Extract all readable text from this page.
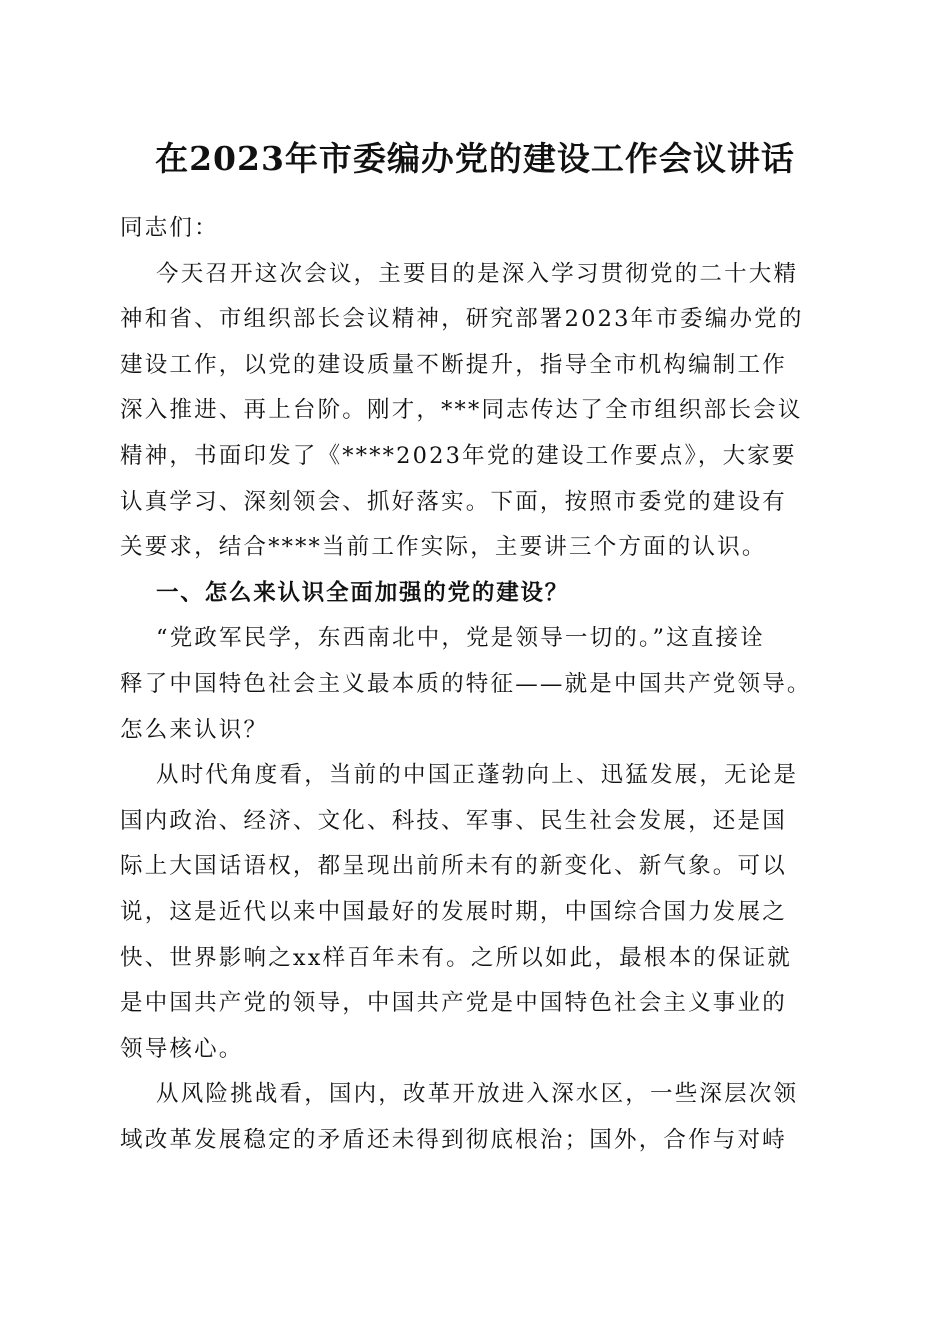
在2023年市委编办党的建设工作会议讲话
同志们：
今天召开这次会议，主要目的是深入学习贯彻党的二十大精
神和省、市组织部长会议精神，研究部署2023年市委编办党的
建设工作，以党的建设质量不断提升，指导全市机构编制工作
深入推进、再上台阶。刚才，***同志传达了全市组织部长会议
精神，书面印发了《****2023年党的建设工作要点》，大家要
认真学习、深刻领会、抓好落实。下面，按照市委党的建设有
关要求，结合****当前工作实际，主要讲三个方面的认识。
一、怎么来认识全面加强的党的建设？
“党政军民学，东西南北中，党是领导一切的。”这直接诠
释了中国特色社会主义最本质的特征——就是中国共产党领导。
怎么来认识？
从时代角度看，当前的中国正蓬勃向上、迅猛发展，无论是
国内政治、经济、文化、科技、军事、民生社会发展，还是国
际上大国话语权，都呈现出前所未有的新变化、新气象。可以
说，这是近代以来中国最好的发展时期，中国综合国力发展之
快、世界影响之xx样百年未有。之所以如此，最根本的保证就
是中国共产党的领导，中国共产党是中国特色社会主义事业的
领导核心。
从风险挑战看，国内，改革开放进入深水区，一些深层次领
域改革发展稳定的矛盾还未得到彻底根治；国外，合作与对峙
